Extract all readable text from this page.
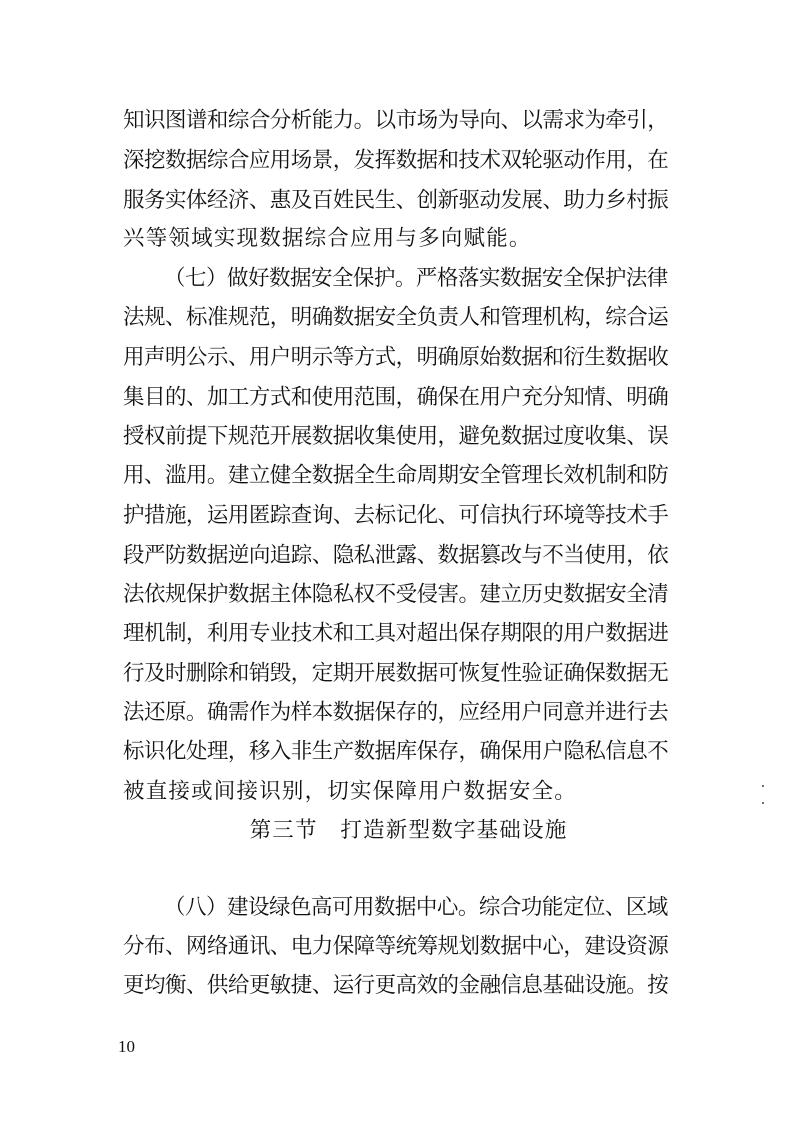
知识图谱和综合分析能力。以市场为导向、以需求为牵引，
深挖数据综合应用场景，发挥数据和技术双轮驱动作用，在
服务实体经济、惠及百姓民生、创新驱动发展、助力乡村振
兴等领域实现数据综合应用与多向赋能。
（七）做好数据安全保护。严格落实数据安全保护法律
法规、标准规范，明确数据安全负责人和管理机构，综合运
用声明公示、用户明示等方式，明确原始数据和衍生数据收
集目的、加工方式和使用范围，确保在用户充分知情、明确
授权前提下规范开展数据收集使用，避免数据过度收集、误
用、滥用。建立健全数据全生命周期安全管理长效机制和防
护措施，运用匿踪查询、去标记化、可信执行环境等技术手
段严防数据逆向追踪、隐私泄露、数据篡改与不当使用，依
法依规保护数据主体隐私权不受侵害。建立历史数据安全清
理机制，利用专业技术和工具对超出保存期限的用户数据进
行及时删除和销毁，定期开展数据可恢复性验证确保数据无
法还原。确需作为样本数据保存的，应经用户同意并进行去
标识化处理，移入非生产数据库保存，确保用户隐私信息不
被直接或间接识别，切实保障用户数据安全。
第三节　打造新型数字基础设施
（八）建设绿色高可用数据中心。综合功能定位、区域
分布、网络通讯、电力保障等统筹规划数据中心，建设资源
更均衡、供给更敏捷、运行更高效的金融信息基础设施。按
10
